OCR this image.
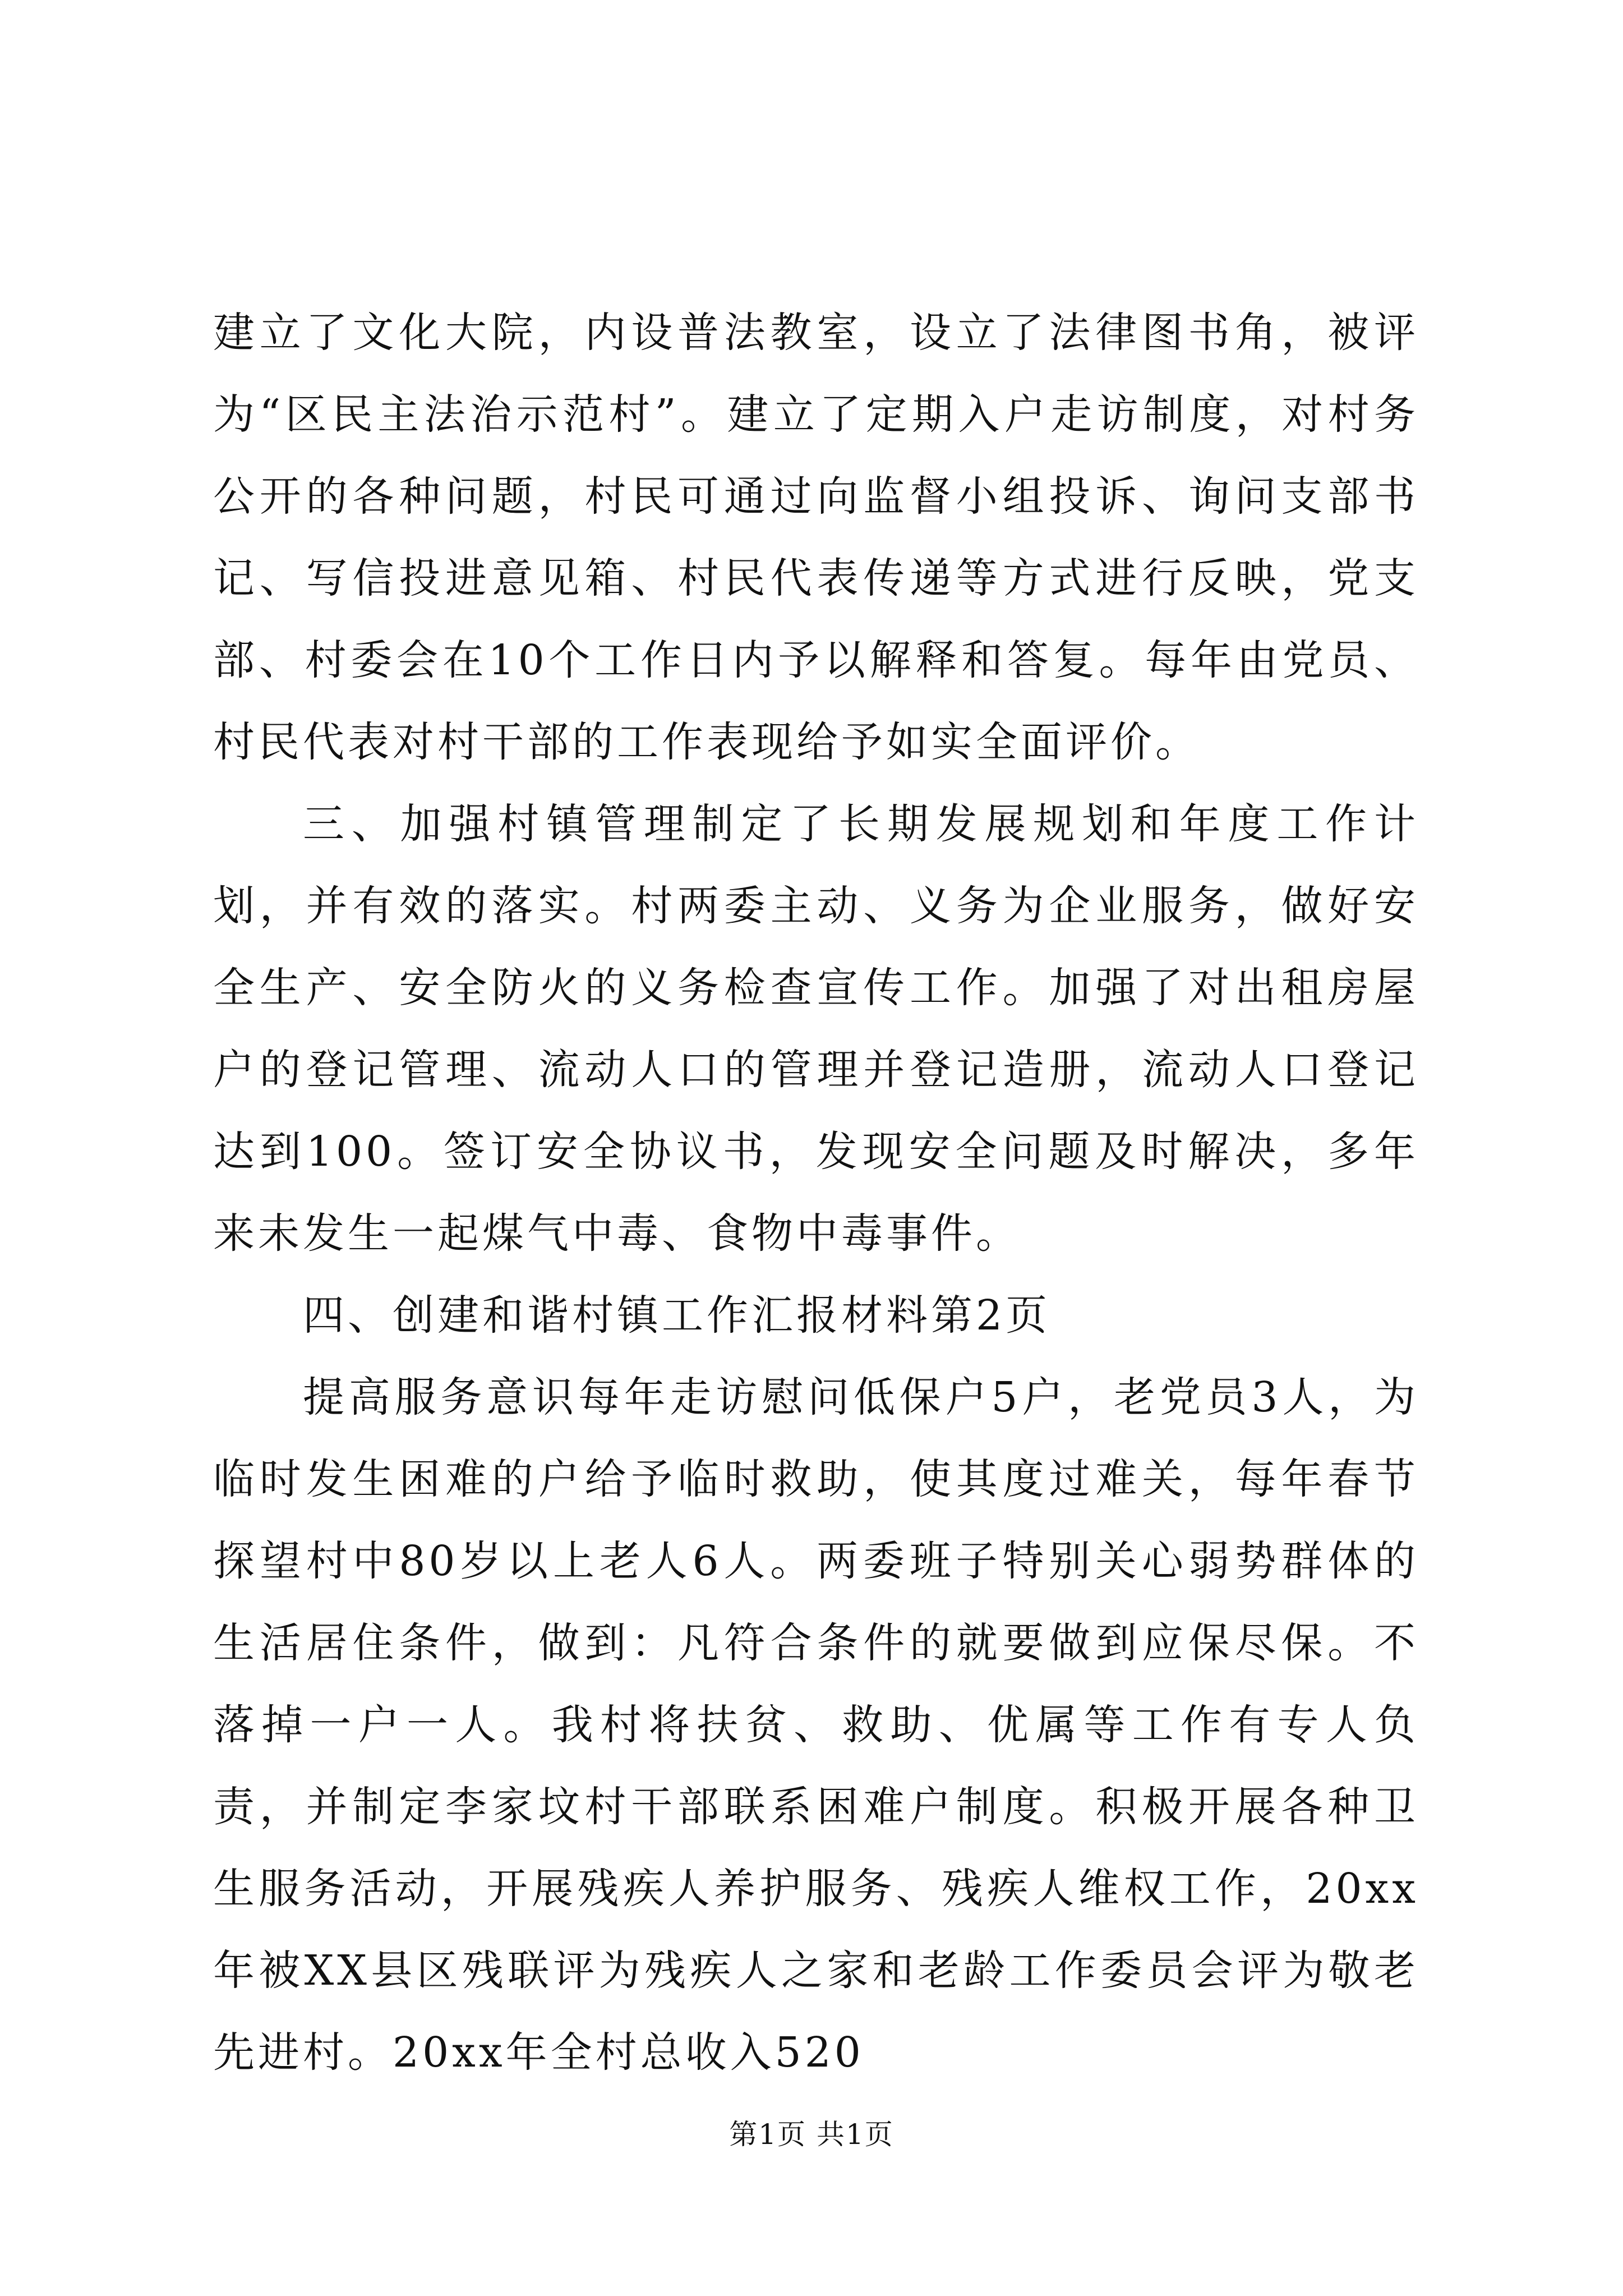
建立了文化大院，内设普法教室，设立了法律图书角，被评为“区民主法治示范村”。建立了定期入户走访制度，对村务公开的各种问题，村民可通过向监督小组投诉、询问支部书记、写信投进意见箱、村民代表传递等方式进行反映，党支部、村委会在10个工作日内予以解释和答复。每年由党员、村民代表对村干部的工作表现给予如实全面评价。

三、加强村镇管理制定了长期发展规划和年度工作计划，并有效的落实。村两委主动、义务为企业服务，做好安全生产、安全防火的义务检查宣传工作。加强了对出租房屋户的登记管理、流动人口的管理并登记造册，流动人口登记达到100。签订安全协议书，发现安全问题及时解决，多年来未发生一起煤气中毒、食物中毒事件。

四、创建和谐村镇工作汇报材料第2页

提高服务意识每年走访慰问低保户5户，老党员3人，为临时发生困难的户给予临时救助，使其度过难关，每年春节探望村中80岁以上老人6人。两委班子特别关心弱势群体的生活居住条件，做到：凡符合条件的就要做到应保尽保。不落掉一户一人。我村将扶贫、救助、优属等工作有专人负责，并制定李家坟村干部联系困难户制度。积极开展各种卫生服务活动，开展残疾人养护服务、残疾人维权工作，20xx年被XX县区残联评为残疾人之家和老龄工作委员会评为敬老先进村。20xx年全村总收入520

第1页 共1页
